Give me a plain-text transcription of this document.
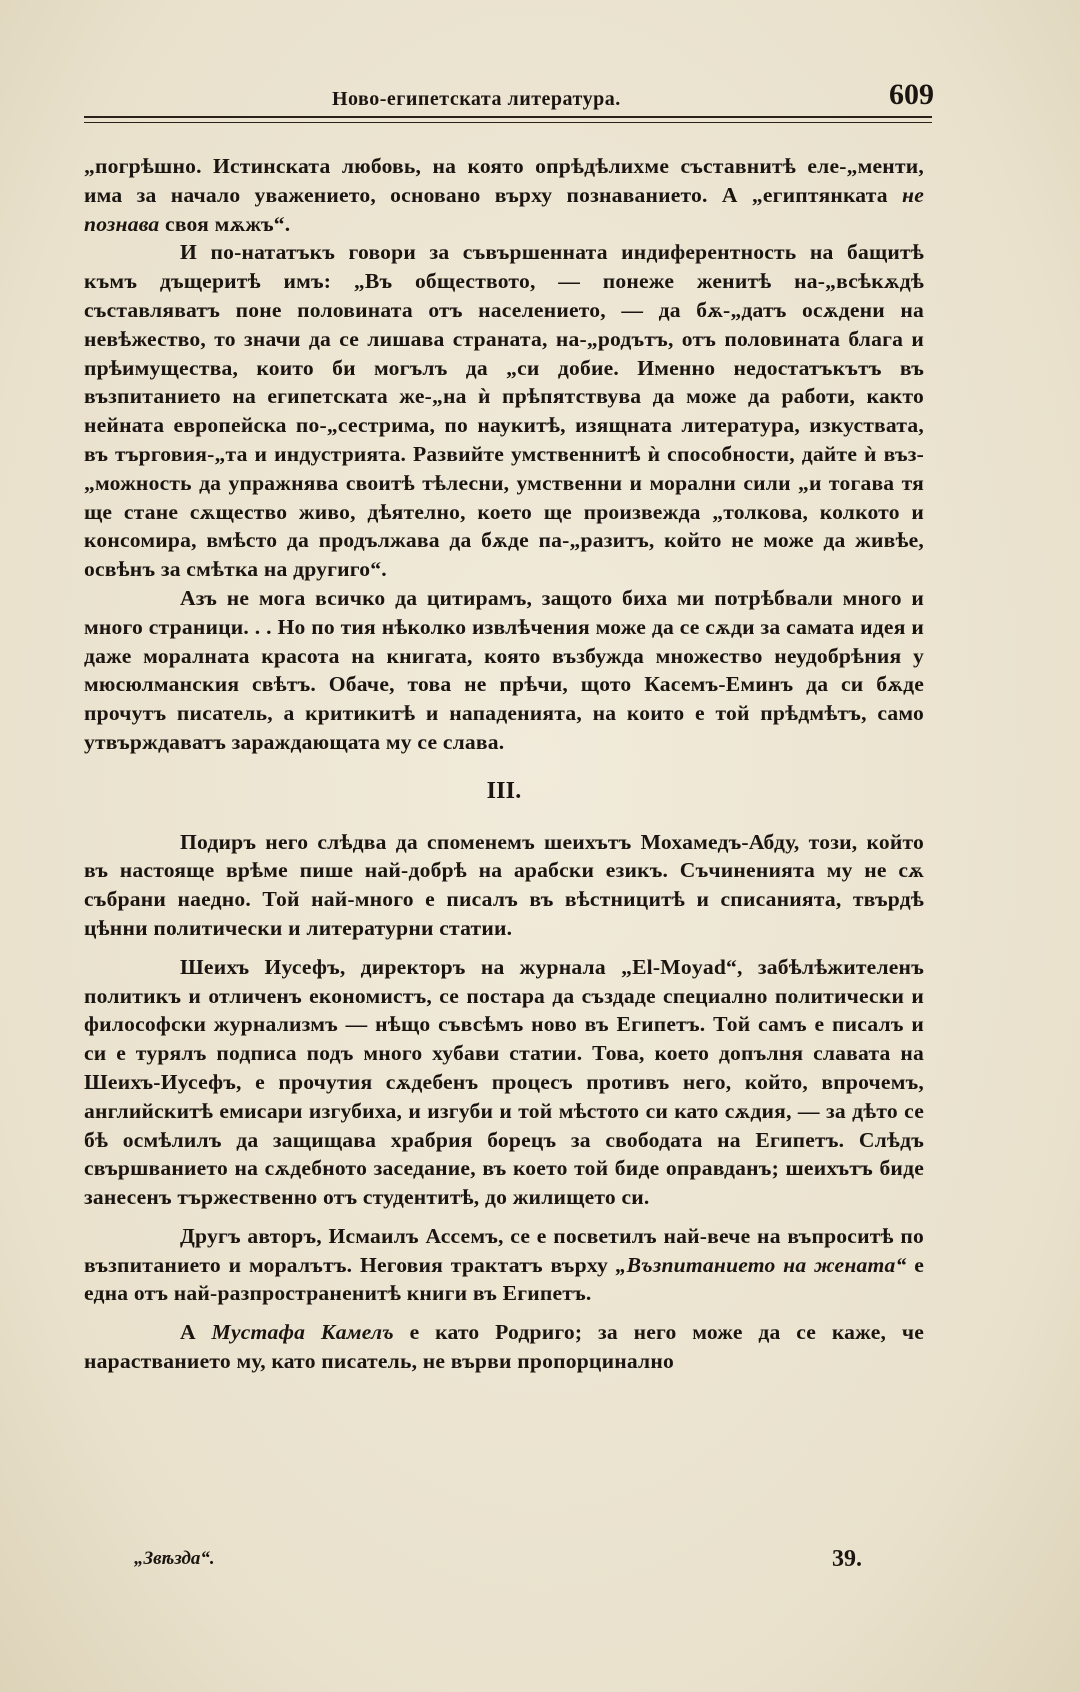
Ново-египетската литература.	609

„погрѣшно. Истинската любовь, на която опрѣдѣлихме съставнитѣ еле-„менти, има за начало уважението, основано върху познаванието. А „египтянката не познава своя мѫжъ“.

И по-нататъкъ говори за съвършенната индиферентность на бащитѣ къмъ дъщеритѣ имъ: „Въ обществото, — понеже женитѣ на-„всѣкѫдѣ съставляватъ поне половината отъ населението, — да бѫ-„датъ осѫдени на невѣжество, то значи да се лишава страната, на-„родътъ, отъ половината блага и прѣимущества, които би могълъ да „си добие. Именно недостатъкътъ въ възпитанието на египетската же-„на ѝ прѣпятствува да може да работи, както нейната европейска по-„сестрима, по наукитѣ, изящната литература, изкуствата, въ търговия-„та и индустрията. Развийте умственнитѣ ѝ способности, дайте ѝ въз-„можность да упражнява своитѣ тѣлесни, умственни и морални сили „и тогава тя ще стане сѫщество живо, дѣятелно, което ще произвежда „толкова, колкото и консомира, вмѣсто да продължава да бѫде па-„разитъ, който не може да живѣе, освѣнъ за смѣтка на другиго“.

Азъ не мога всичко да цитирамъ, защото биха ми потрѣбвали много и много страници. . . Но по тия нѣколко извлѣчения може да се сѫди за самата идея и даже моралната красота на книгата, която възбужда множество неудобрѣния у мюсюлманския свѣтъ. Обаче, това не прѣчи, щото Касемъ-Еминъ да си бѫде прочутъ писатель, а критикитѣ и нападенията, на които е той прѣдмѣтъ, само утвърждаватъ зараждающата му се слава.

III.

Подиръ него слѣдва да споменемъ шеихътъ Мохамедъ-Абду, този, който въ настояще врѣме пише най-добрѣ на арабски езикъ. Съчиненията му не сѫ събрани наедно. Той най-много е писалъ въ вѣстницитѣ и списанията, твърдѣ цѣнни политически и литературни статии.

Шеихъ Иусефъ, директоръ на журнала „El-Moyad“, забѣлѣжителенъ политикъ и отличенъ економистъ, се постара да създаде специално политически и философски журнализмъ — нѣщо съвсѣмъ ново въ Египетъ. Той самъ е писалъ и си е турялъ подписа подъ много хубави статии. Това, което допълня славата на Шеихъ-Иусефъ, е прочутия сѫдебенъ процесъ противъ него, който, впрочемъ, английскитѣ емисари изгубиха, и изгуби и той мѣстото си като сѫдия, — за дѣто се бѣ осмѣлилъ да защищава храбрия борецъ за свободата на Египетъ. Слѣдъ свършванието на сѫдебното заседание, въ което той биде оправданъ; шеихътъ биде занесенъ тържественно отъ студентитѣ, до жилището си.

Другъ авторъ, Исмаилъ Ассемъ, се е посветилъ най-вече на въпроситѣ по възпитанието и моралътъ. Неговия трактатъ върху „Възпитанието на жената“ е една отъ най-разпространенитѣ книги въ Египетъ.

А Мустафа Камелъ е като Родриго; за него може да се каже, че нарастванието му, като писатель, не върви пропорцинално

„Звѣзда“.	39.
